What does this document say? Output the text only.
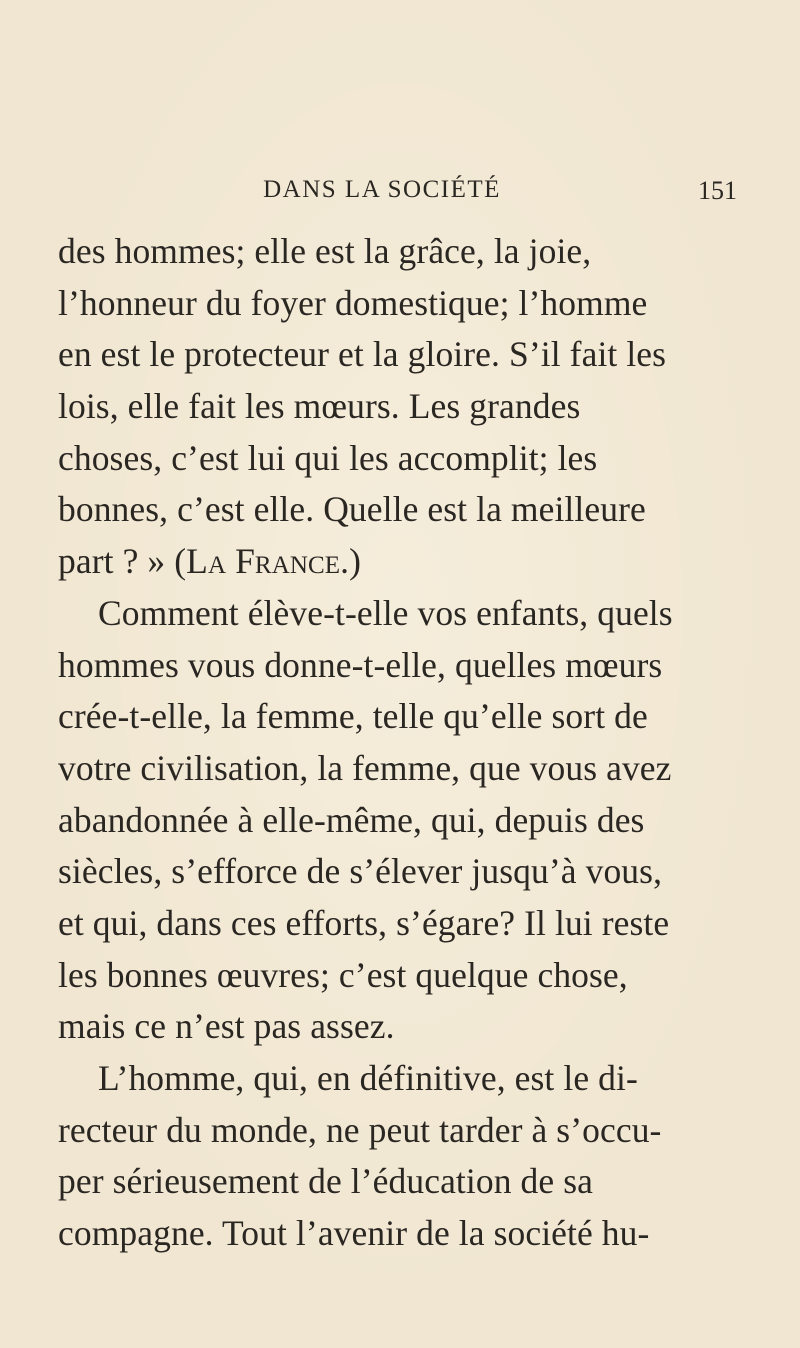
DANS LA SOCIÉTÉ	151
des hommes; elle est la grâce, la joie,
l’honneur du foyer domestique; l’homme
en est le protecteur et la gloire. S’il fait les
lois, elle fait les mœurs. Les grandes
choses, c’est lui qui les accomplit; les
bonnes, c’est elle. Quelle est la meilleure
part ? » (La France.)
Comment élève-t-elle vos enfants, quels
hommes vous donne-t-elle, quelles mœurs
crée-t-elle, la femme, telle qu’elle sort de
votre civilisation, la femme, que vous avez
abandonnée à elle-même, qui, depuis des
siècles, s’efforce de s’élever jusqu’à vous,
et qui, dans ces efforts, s’égare? Il lui reste
les bonnes œuvres; c’est quelque chose,
mais ce n’est pas assez.
L’homme, qui, en définitive, est le di-
recteur du monde, ne peut tarder à s’occu-
per sérieusement de l’éducation de sa
compagne. Tout l’avenir de la société hu-
